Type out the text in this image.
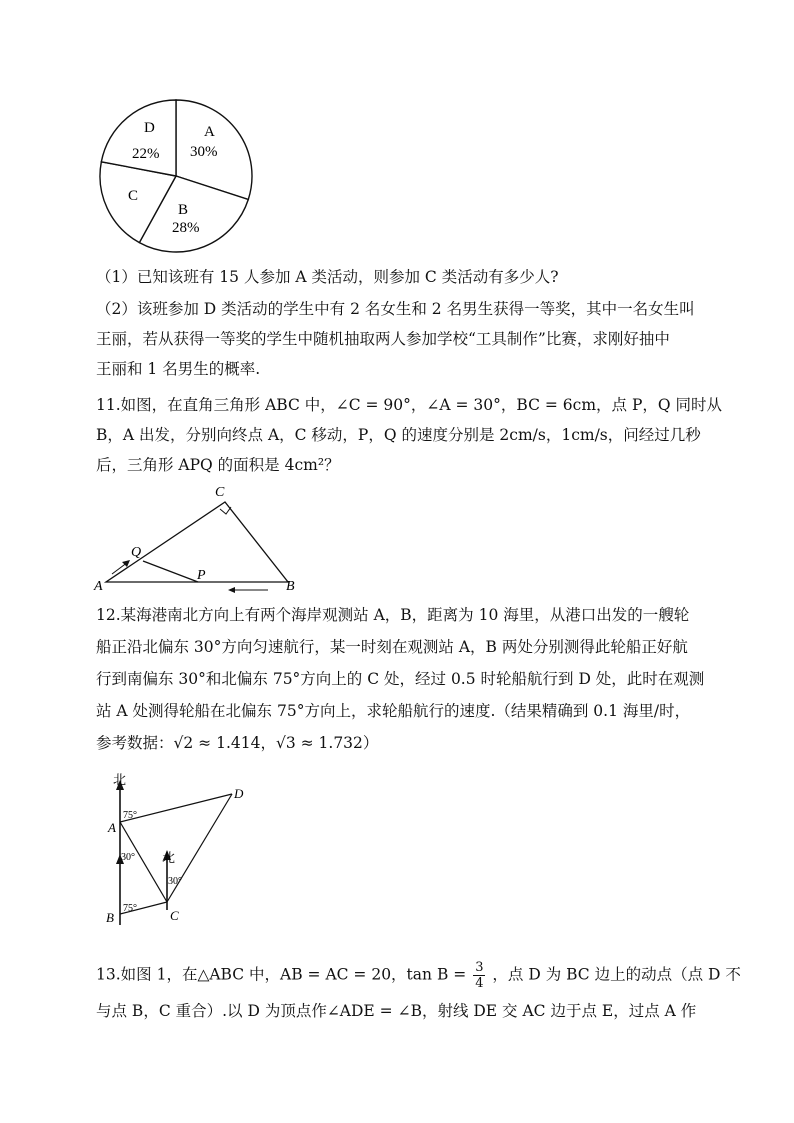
A
30%
D
22%
C
B
28%
（1）已知该班有 15 人参加 A 类活动，则参加 C 类活动有多少人?
（2）该班参加 D 类活动的学生中有 2 名女生和 2 名男生获得一等奖，其中一名女生叫
王丽，若从获得一等奖的学生中随机抽取两人参加学校“工具制作”比赛，求刚好抽中
王丽和 1 名男生的概率.
11.如图，在直角三角形 ABC 中，∠C = 90°，∠A = 30°，BC = 6cm，点 P，Q 同时从
B，A 出发，分别向终点 A，C 移动，P，Q 的速度分别是 2cm/s，1cm/s，问经过几秒
后，三角形 APQ 的面积是 4cm²？
A	B
C
P
Q
12.某海港南北方向上有两个海岸观测站 A，B，距离为 10 海里，从港口出发的一艘轮
船正沿北偏东 30°方向匀速航行，某一时刻在观测站 A，B 两处分别测得此轮船正好航
行到南偏东 30°和北偏东 75°方向上的 C 处，经过 0.5 时轮船航行到 D 处，此时在观测
站 A 处测得轮船在北偏东 75°方向上，求轮船航行的速度.（结果精确到 0.1 海里/时，
参考数据：√2 ≈ 1.414，√3 ≈ 1.732）
北
北
D
A
B	C
75°
30°
75°
30°
13.如图 1，在△ABC 中，AB = AC = 20，$\tan B = \frac{3}{4}$ ，点 D 为 BC 边上的动点（点 D 不
与点 B，C 重合）.以 D 为顶点作∠ADE = ∠B，射线 DE 交 AC 边于点 E，过点 A 作
